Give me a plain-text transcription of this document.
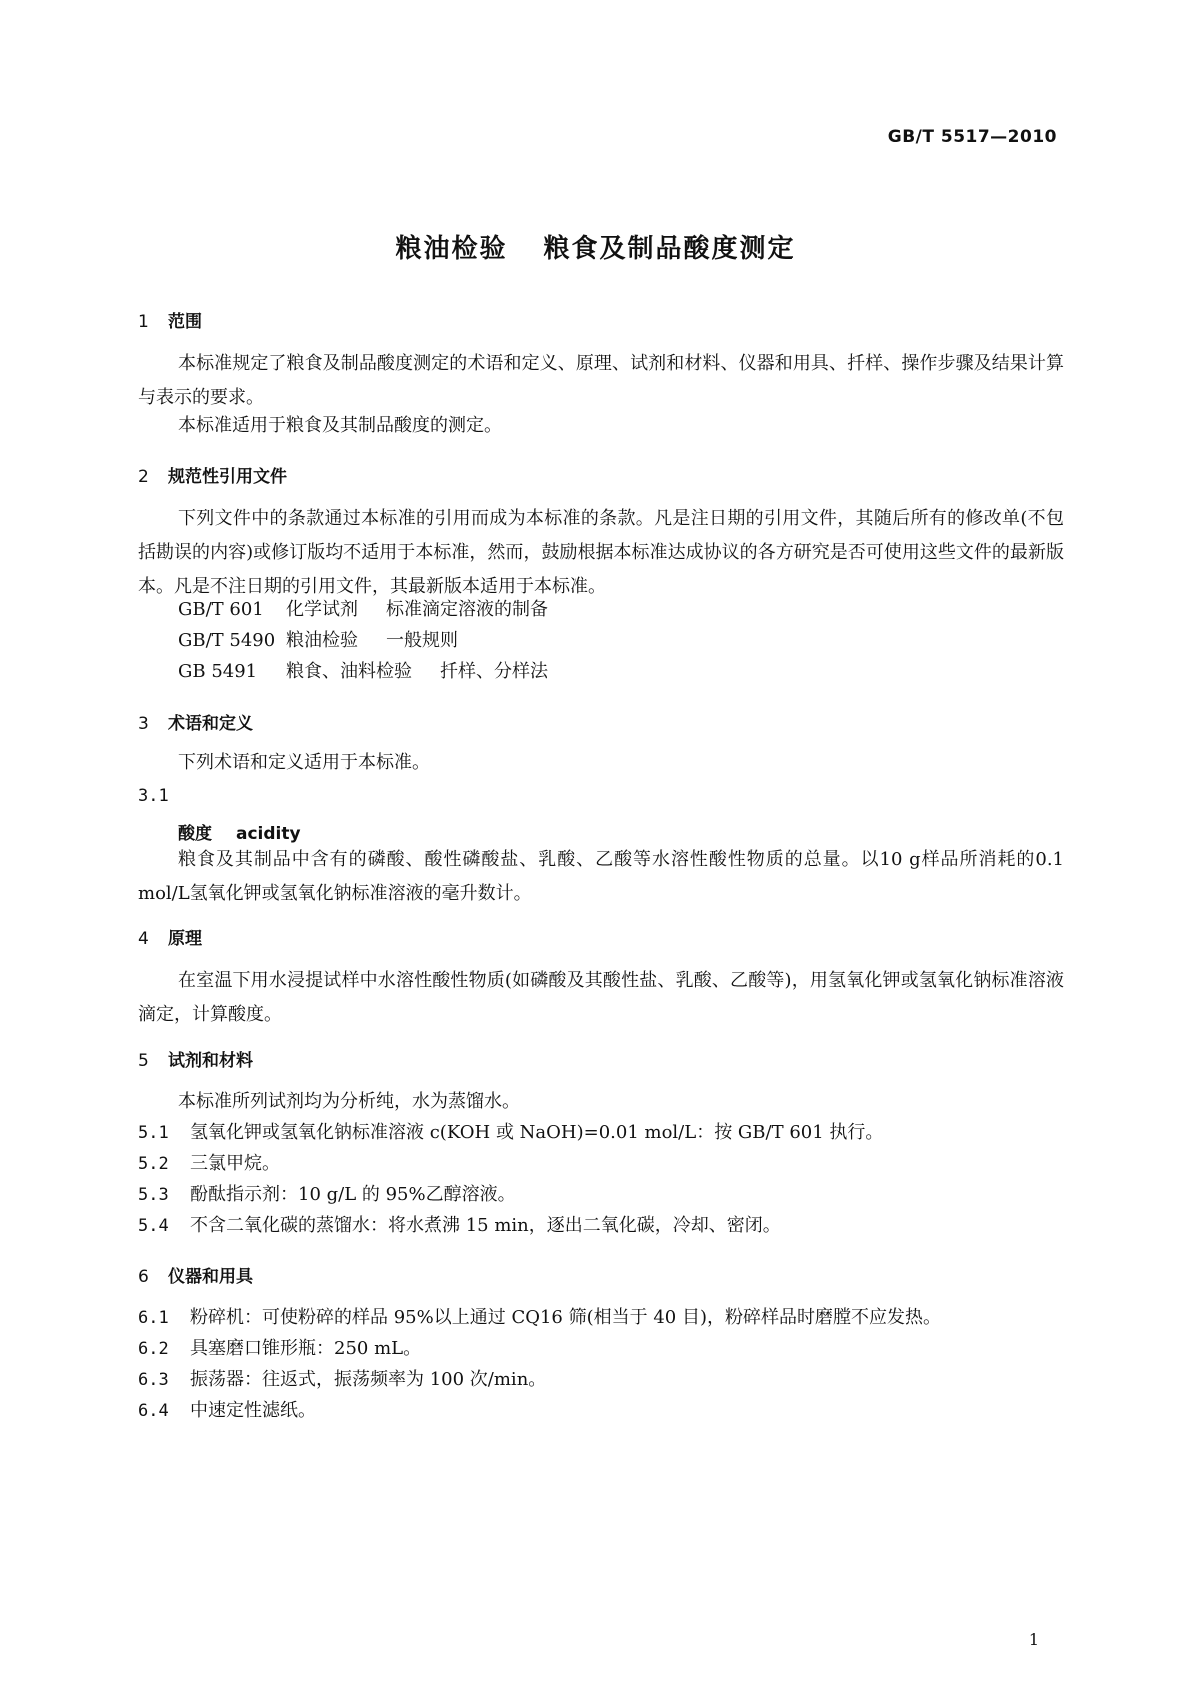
GB/T 5517—2010
粮油检验 粮食及制品酸度测定
1 范围
本标准规定了粮食及制品酸度测定的术语和定义、原理、试剂和材料、仪器和用具、扦样、操作步骤及结果计算与表示的要求。
本标准适用于粮食及其制品酸度的测定。
2 规范性引用文件
下列文件中的条款通过本标准的引用而成为本标准的条款。凡是注日期的引用文件，其随后所有的修改单(不包括勘误的内容)或修订版均不适用于本标准，然而，鼓励根据本标准达成协议的各方研究是否可使用这些文件的最新版本。凡是不注日期的引用文件，其最新版本适用于本标准。
GB/T 601 化学试剂 标准滴定溶液的制备
GB/T 5490 粮油检验 一般规则
GB 5491 粮食、油料检验 扦样、分样法
3 术语和定义
下列术语和定义适用于本标准。
3.1
酸度 acidity
粮食及其制品中含有的磷酸、酸性磷酸盐、乳酸、乙酸等水溶性酸性物质的总量。以10 g样品所消耗的0.1 mol/L氢氧化钾或氢氧化钠标准溶液的毫升数计。
4 原理
在室温下用水浸提试样中水溶性酸性物质(如磷酸及其酸性盐、乳酸、乙酸等)，用氢氧化钾或氢氧化钠标准溶液滴定，计算酸度。
5 试剂和材料
本标准所列试剂均为分析纯，水为蒸馏水。
5.1 氢氧化钾或氢氧化钠标准溶液 c(KOH 或 NaOH)=0.01 mol/L：按 GB/T 601 执行。
5.2 三氯甲烷。
5.3 酚酞指示剂：10 g/L 的 95%乙醇溶液。
5.4 不含二氧化碳的蒸馏水：将水煮沸 15 min，逐出二氧化碳，冷却、密闭。
6 仪器和用具
6.1 粉碎机：可使粉碎的样品 95%以上通过 CQ16 筛(相当于 40 目)，粉碎样品时磨膛不应发热。
6.2 具塞磨口锥形瓶：250 mL。
6.3 振荡器：往返式，振荡频率为 100 次/min。
6.4 中速定性滤纸。
1
